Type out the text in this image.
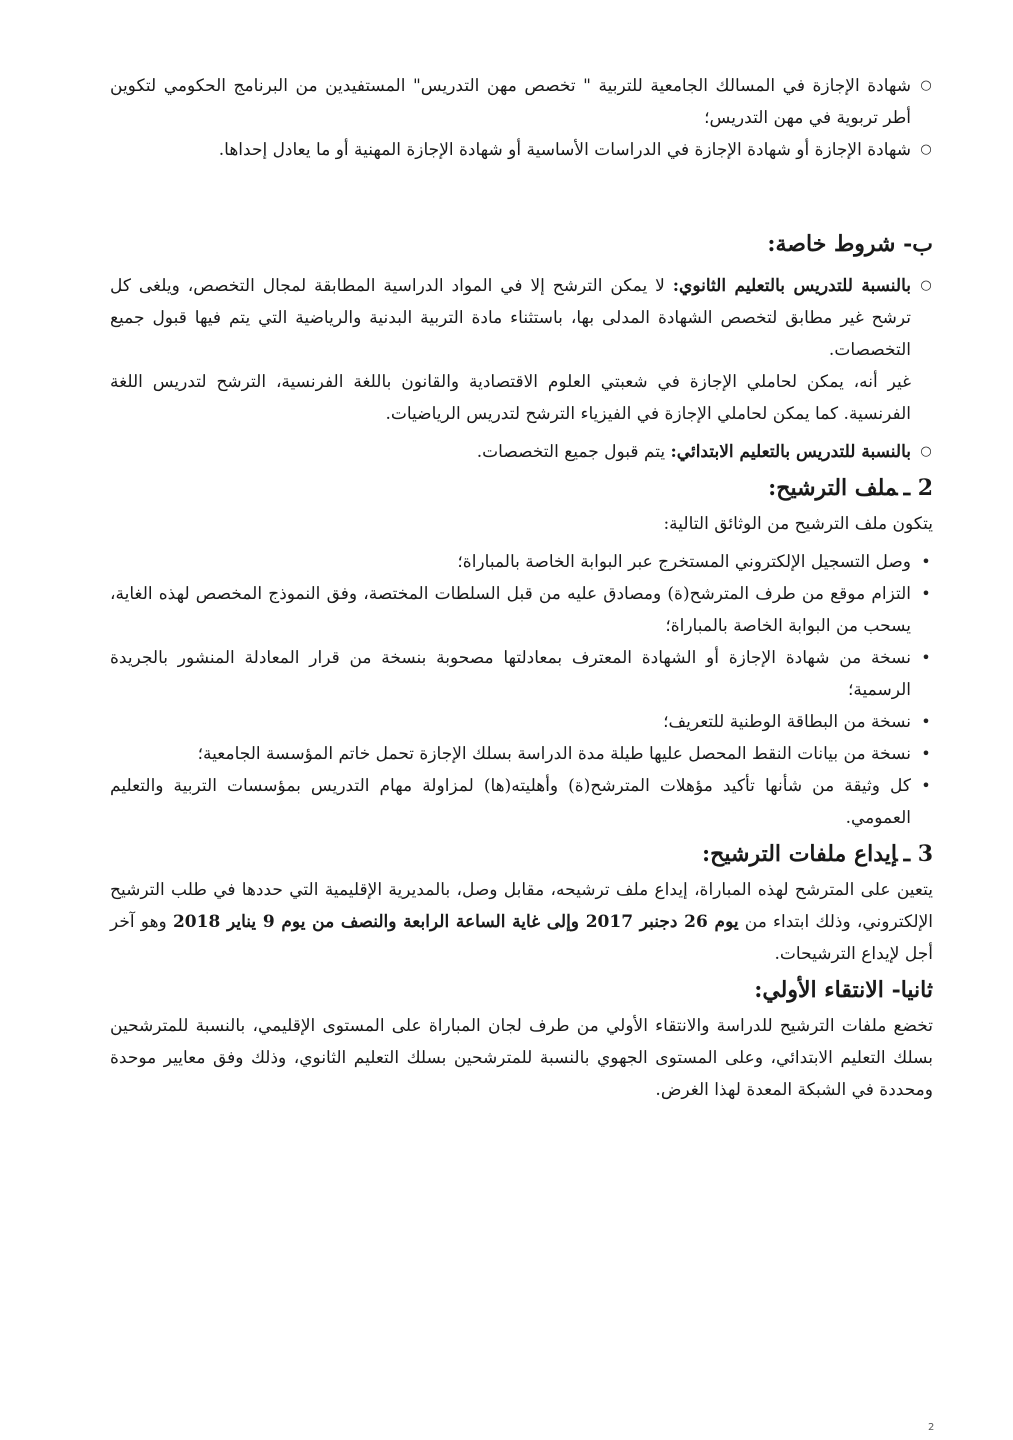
○
شهادة الإجازة في المسالك الجامعية للتربية " تخصص مهن التدريس" المستفيدين من البرنامج الحكومي لتكوين أطر تربوية في مهن التدريس؛
○
شهادة الإجازة أو شهادة الإجازة في الدراسات الأساسية أو شهادة الإجازة المهنية أو ما يعادل إحداها.
ب- شروط خاصة:
○
بالنسبة للتدريس بالتعليم الثانوي: لا يمكن الترشح إلا في المواد الدراسية المطابقة لمجال التخصص، ويلغى كل ترشح غير مطابق لتخصص الشهادة المدلى بها، باستثناء مادة التربية البدنية والرياضية التي يتم فيها قبول جميع التخصصات.

غير أنه، يمكن لحاملي الإجازة في شعبتي العلوم الاقتصادية والقانون باللغة الفرنسية، الترشح لتدريس اللغة الفرنسية. كما يمكن لحاملي الإجازة في الفيزياء الترشح لتدريس الرياضيات.

○
بالنسبة للتدريس بالتعليم الابتدائي: يتم قبول جميع التخصصات.
2 ـملف الترشيح:

يتكون ملف الترشيح من الوثائق التالية:

•
وصل التسجيل الإلكتروني المستخرج عبر البوابة الخاصة بالمباراة؛
•
التزام موقع من طرف المترشح(ة) ومصادق عليه من قبل السلطات المختصة، وفق النموذج المخصص لهذه الغاية، يسحب من البوابة الخاصة بالمباراة؛
•
نسخة من شهادة الإجازة أو الشهادة المعترف بمعادلتها مصحوبة بنسخة من قرار المعادلة المنشور بالجريدة الرسمية؛
•
نسخة من البطاقة الوطنية للتعريف؛
•
نسخة من بيانات النقط المحصل عليها طيلة مدة الدراسة بسلك الإجازة تحمل خاتم المؤسسة الجامعية؛
•
كل وثيقة من شأنها تأكيد مؤهلات المترشح(ة) وأهليته(ها) لمزاولة مهام التدريس بمؤسسات التربية والتعليم العمومي.
3 ـإيداع ملفات الترشيح:

يتعين على المترشح لهذه المباراة، إيداع ملف ترشيحه، مقابل وصل، بالمديرية الإقليمية التي حددها في طلب الترشيح الإلكتروني، وذلك ابتداء من يوم 26 دجنبر 2017 وإلى غاية الساعة الرابعة والنصف من يوم 9 يناير 2018 وهو آخر أجل لإيداع الترشيحات.

ثانيا- الانتقاء الأولي:

تخضع ملفات الترشيح للدراسة والانتقاء الأولي من طرف لجان المباراة على المستوى الإقليمي، بالنسبة للمترشحين بسلك التعليم الابتدائي، وعلى المستوى الجهوي بالنسبة للمترشحين بسلك التعليم الثانوي، وذلك وفق معايير موحدة ومحددة في الشبكة المعدة لهذا الغرض.

2
